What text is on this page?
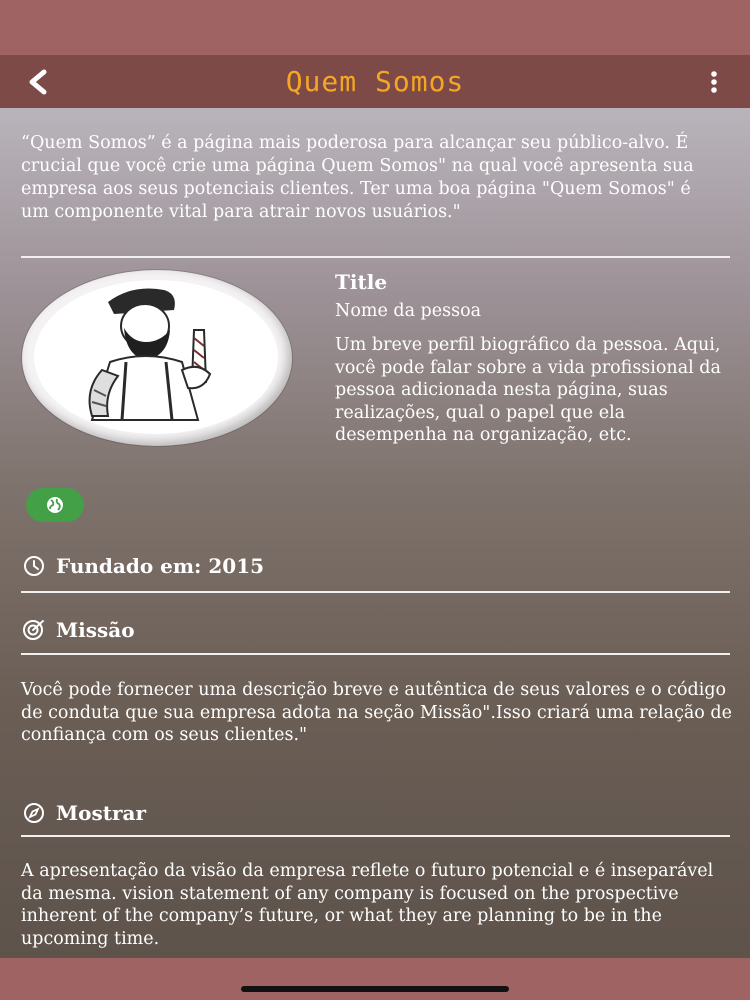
Quem Somos

“Quem Somos” é a página mais poderosa para alcançar seu público-alvo. É crucial que você crie uma página Quem Somos" na qual você apresenta sua empresa aos seus potenciais clientes. Ter uma boa página "Quem Somos" é um componente vital para atrair novos usuários."

Title

Nome da pessoa

Um breve perfil biográfico da pessoa. Aqui, você pode falar sobre a vida profissional da pessoa adicionada nesta página, suas realizações, qual o papel que ela desempenha na organização, etc.

Fundado em: 2015
Missão

Você pode fornecer uma descrição breve e autêntica de seus valores e o código de conduta que sua empresa adota na seção Missão".Isso criará uma relação de confiança com os seus clientes."

Mostrar

A apresentação da visão da empresa reflete o futuro potencial e é inseparável da mesma. vision statement of any company is focused on the prospective inherent of the company’s future, or what they are planning to be in the upcoming time.
